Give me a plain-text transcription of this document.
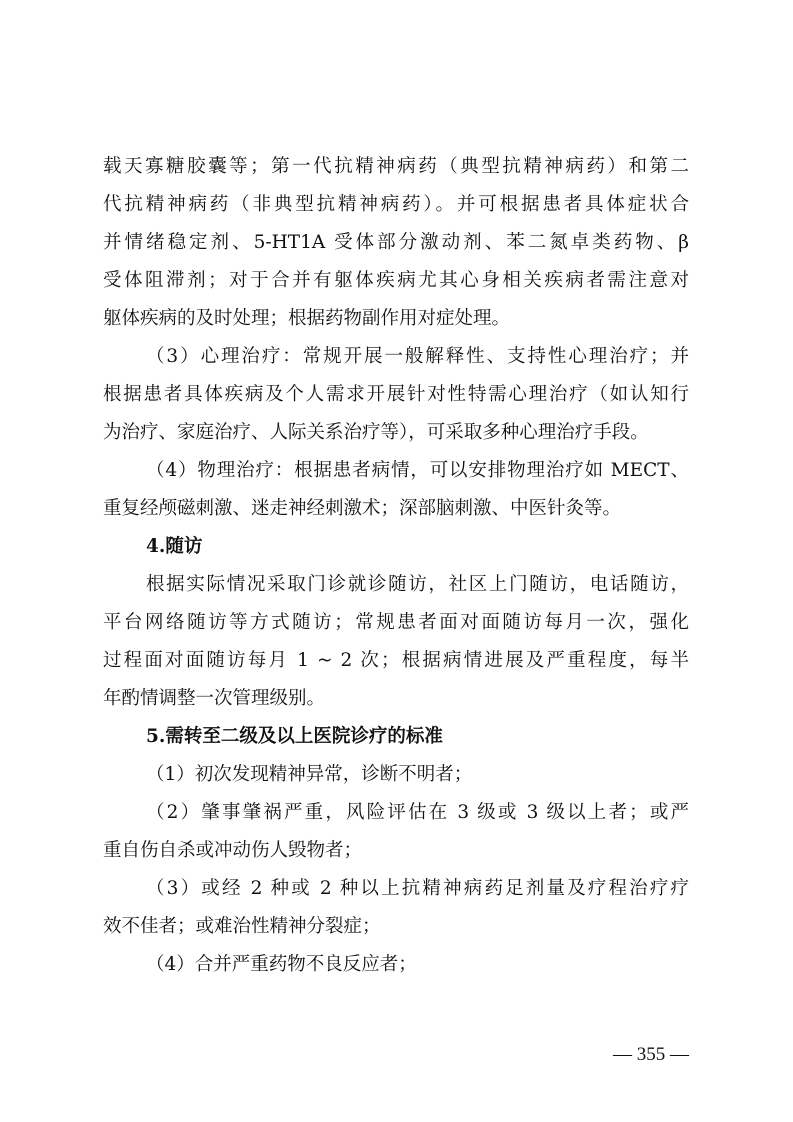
载天寡糖胶囊等；第一代抗精神病药（典型抗精神病药）和第二
代抗精神病药（非典型抗精神病药）。并可根据患者具体症状合
并情绪稳定剂、5-HT1A 受体部分激动剂、苯二氮卓类药物、β
受体阻滞剂；对于合并有躯体疾病尤其心身相关疾病者需注意对
躯体疾病的及时处理；根据药物副作用对症处理。
（3）心理治疗：常规开展一般解释性、支持性心理治疗；并
根据患者具体疾病及个人需求开展针对性特需心理治疗（如认知行
为治疗、家庭治疗、人际关系治疗等），可采取多种心理治疗手段。
（4）物理治疗：根据患者病情，可以安排物理治疗如 MECT、
重复经颅磁刺激、迷走神经刺激术；深部脑刺激、中医针灸等。
4.随访
根据实际情况采取门诊就诊随访，社区上门随访，电话随访，
平台网络随访等方式随访；常规患者面对面随访每月一次，强化
过程面对面随访每月 1 ~ 2 次；根据病情进展及严重程度，每半
年酌情调整一次管理级别。
5.需转至二级及以上医院诊疗的标准
（1）初次发现精神异常，诊断不明者；
（2）肇事肇祸严重，风险评估在 3 级或 3 级以上者；或严
重自伤自杀或冲动伤人毁物者；
（3）或经 2 种或 2 种以上抗精神病药足剂量及疗程治疗疗
效不佳者；或难治性精神分裂症；
（4）合并严重药物不良反应者；
— 355 —
